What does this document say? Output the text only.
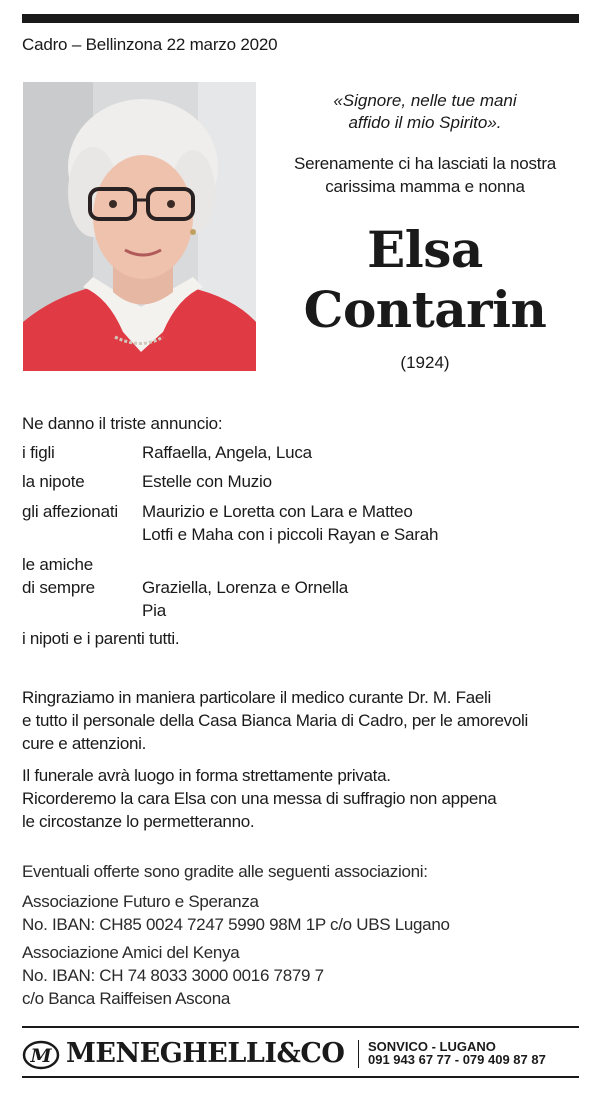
Cadro – Bellinzona 22 marzo 2020
«Signore, nelle tue mani
affido il mio Spirito».
Serenamente ci ha lasciati la nostra
carissima mamma e nonna
Elsa
Contarin
(1924)
Ne danno il triste annuncio:
i figli	Raffaella, Angela, Luca
la nipote	Estelle con Muzio
gli affezionati	Maurizio e Loretta con Lara e Matteo
Lotfi e Maha con i piccoli Rayan e Sarah
le amiche
di sempre	Graziella, Lorenza e Ornella
Pia
i nipoti e i parenti tutti.
Ringraziamo in maniera particolare il medico curante Dr. M. Faeli
e tutto il personale della Casa Bianca Maria di Cadro, per le amorevoli
cure e attenzioni.
Il funerale avrà luogo in forma strettamente privata.
Ricorderemo la cara Elsa con una messa di suffragio non appena
le circostanze lo permetteranno.
Eventuali offerte sono gradite alle seguenti associazioni:
Associazione Futuro e Speranza
No. IBAN: CH85 0024 7247 5990 98M 1P c/o UBS Lugano
Associazione Amici del Kenya
No. IBAN: CH 74 8033 3000 0016 7879 7
c/o Banca Raiffeisen Ascona
M MENEGHELLI&CO SONVICO - LUGANO
091 943 67 77 - 079 409 87 87
